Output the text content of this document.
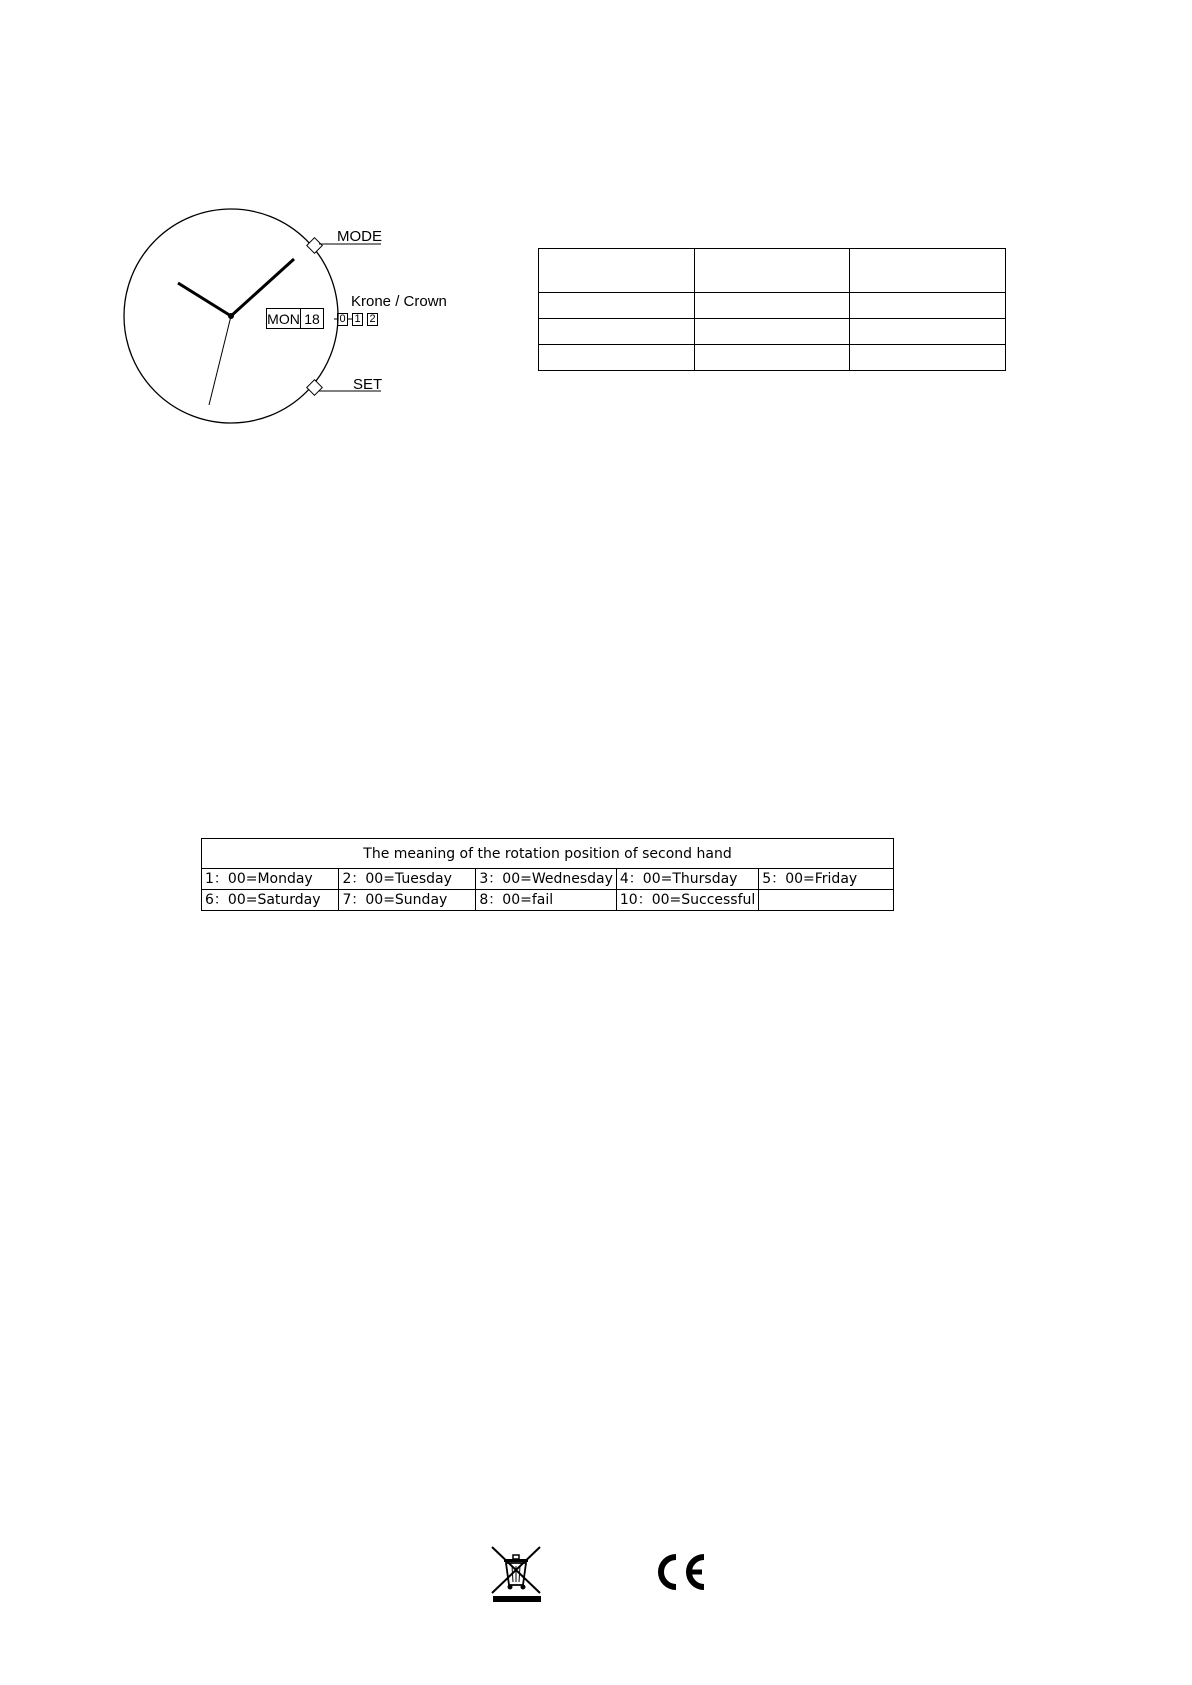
MODE
Krone / Crown
SET
MON 18	0 1 2

The meaning of the rotation position of second hand				
1：00=Monday	2：00=Tuesday	3：00=Wednesday	4：00=Thursday	5：00=Friday
6：00=Saturday	7：00=Sunday	8：00=fail	10：00=Successful	
